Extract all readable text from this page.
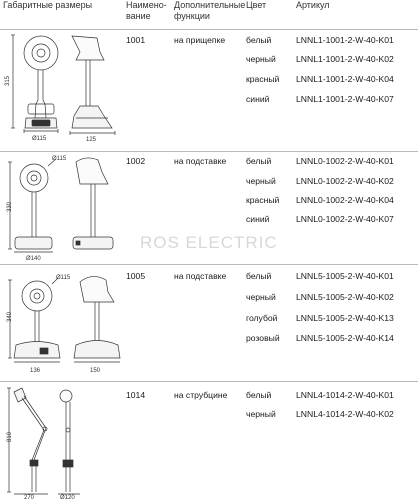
Габаритные размеры	Наимено-
вание
Дополнительные
функции
Цвет	Артикул
ROS ELECTRIC
1001	на прищепке белый	LNNL1-1001-2-W-40-K01
черный LNNL1-1001-2-W-40-K02
красный LNNL1-1001-2-W-40-K04
синий	LNNL1-1001-2-W-40-K07
1002	на подставке белый	LNNL0-1002-2-W-40-K01
черный LNNL0-1002-2-W-40-K02
красный LNNL0-1002-2-W-40-K04
синий	LNNL0-1002-2-W-40-K07
1005	на подставке белый	LNNL5-1005-2-W-40-K01
черный LNNL5-1005-2-W-40-K02
голубой LNNL5-1005-2-W-40-K13
розовый LNNL5-1005-2-W-40-K14
1014	на струбцине белый	LNNL4-1014-2-W-40-K01
черный LNNL4-1014-2-W-40-K02
315
Ø115	125
330
Ø115
Ø140
340
Ø115
136	150
810
270	Ø120
